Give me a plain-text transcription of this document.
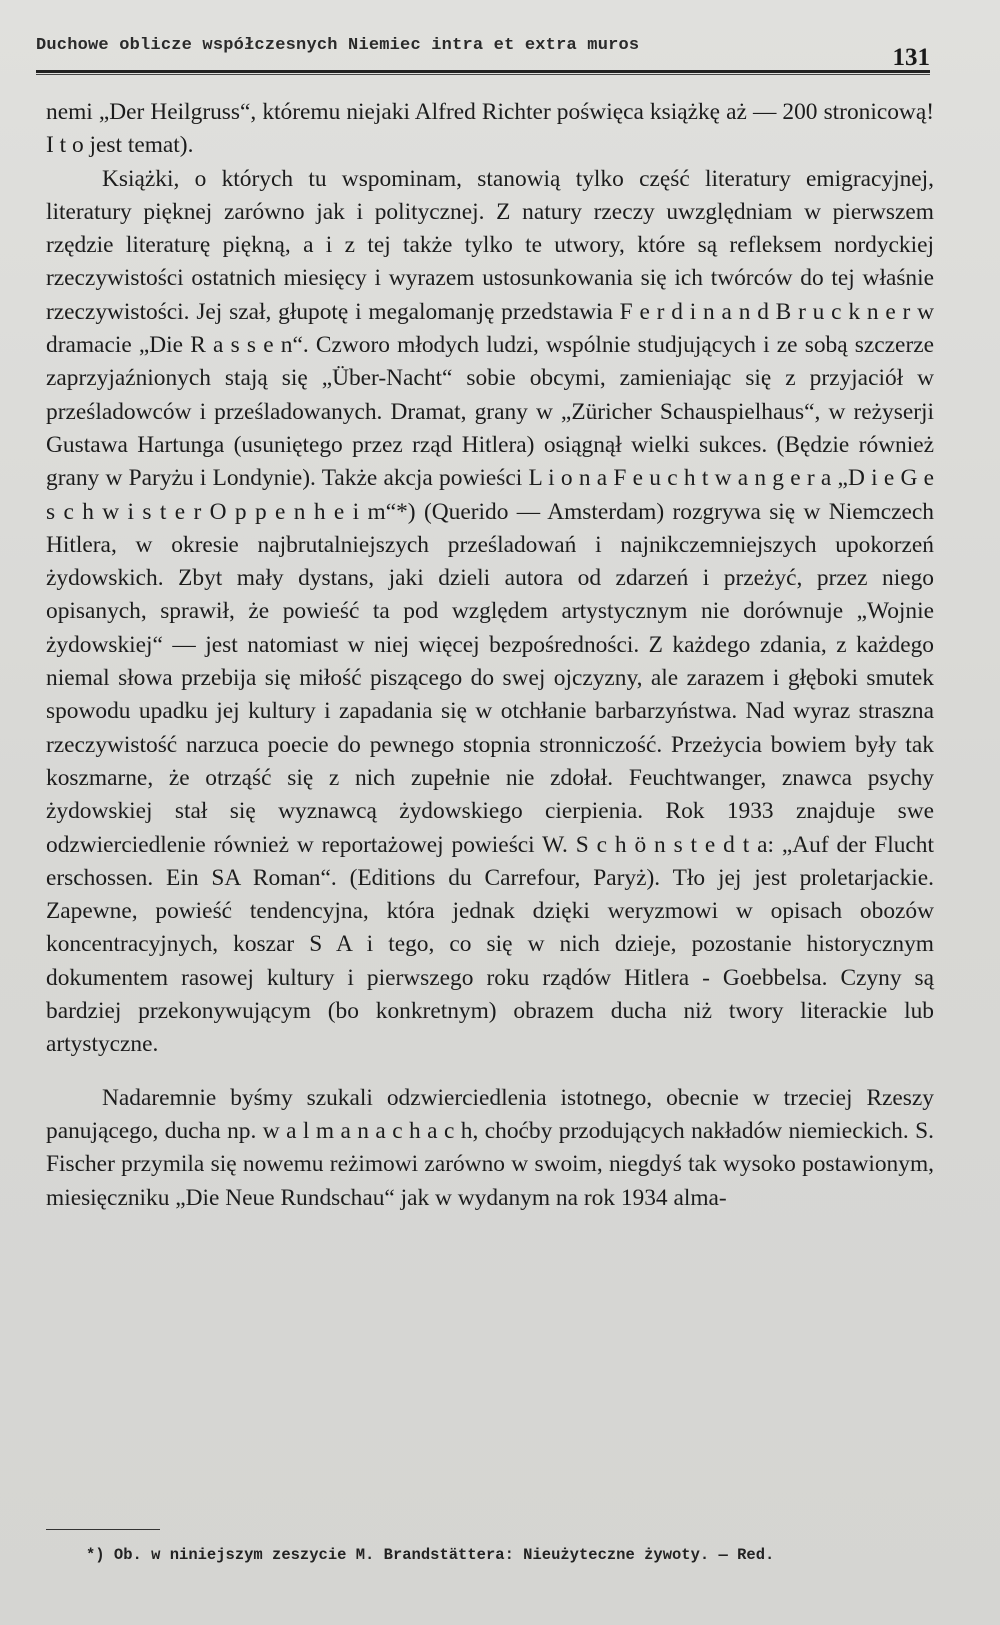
Duchowe oblicze współczesnych Niemiec intra et extra muros	131

nemi „Der Heilgruss“, któremu niejaki Alfred Richter poświęca książkę aż — 200 stronicową! I t o jest temat).

Książki, o których tu wspominam, stanowią tylko część literatury emigracyjnej, literatury pięknej zarówno jak i politycznej. Z natury rzeczy uwzględniam w pierwszem rzędzie literaturę piękną, a i z tej także tylko te utwory, które są refleksem nordyckiej rzeczywistości ostatnich miesięcy i wyrazem ustosunkowania się ich twórców do tej właśnie rzeczywistości. Jej szał, głupotę i megalomanję przedstawia F e r d i n a n d B r u c k n e r w dramacie „Die R a s s e n“. Czworo młodych ludzi, wspólnie studjujących i ze sobą szczerze zaprzyjaźnionych stają się „Über-Nacht“ sobie obcymi, zamieniając się z przyjaciół w prześladowców i prześladowanych. Dramat, grany w „Züricher Schauspielhaus“, w reżyserji Gustawa Hartunga (usuniętego przez rząd Hitlera) osiągnął wielki sukces. (Będzie również grany w Paryżu i Londynie). Także akcja powieści L i o n a F e u c h t w a n g e r a „D i e G e s c h w i s t e r O p p e n h e i m“*) (Querido — Amsterdam) rozgrywa się w Niemczech Hitlera, w okresie najbrutalniejszych prześladowań i najnikczemniejszych upokorzeń żydowskich. Zbyt mały dystans, jaki dzieli autora od zdarzeń i przeżyć, przez niego opisanych, sprawił, że powieść ta pod względem artystycznym nie dorównuje „Wojnie żydowskiej“ — jest natomiast w niej więcej bezpośredności. Z każdego zdania, z każdego niemal słowa przebija się miłość piszącego do swej ojczyzny, ale zarazem i głęboki smutek spowodu upadku jej kultury i zapadania się w otchłanie barbarzyństwa. Nad wyraz straszna rzeczywistość narzuca poecie do pewnego stopnia stronniczość. Przeżycia bowiem były tak koszmarne, że otrząść się z nich zupełnie nie zdołał. Feuchtwanger, znawca psychy żydowskiej stał się wyznawcą żydowskiego cierpienia. Rok 1933 znajduje swe odzwierciedlenie również w reportażowej powieści W. S c h ö n s t e d t a: „Auf der Flucht erschossen. Ein SA Roman“. (Editions du Carrefour, Paryż). Tło jej jest proletarjackie. Zapewne, powieść tendencyjna, która jednak dzięki weryzmowi w opisach obozów koncentracyjnych, koszar S A i tego, co się w nich dzieje, pozostanie historycznym dokumentem rasowej kultury i pierwszego roku rządów Hitlera - Goebbelsa. Czyny są bardziej przekonywującym (bo konkretnym) obrazem ducha niż twory literackie lub artystyczne.

Nadaremnie byśmy szukali odzwierciedlenia istotnego, obecnie w trzeciej Rzeszy panującego, ducha np. w a l m a n a c h a c h, choćby przodujących nakładów niemieckich. S. Fischer przymila się nowemu reżimowi zarówno w swoim, niegdyś tak wysoko postawionym, miesięczniku „Die Neue Rundschau“ jak w wydanym na rok 1934 alma-

*) Ob. w niniejszym zeszycie M. Brandstättera: Nieużyteczne żywoty. — Red.
